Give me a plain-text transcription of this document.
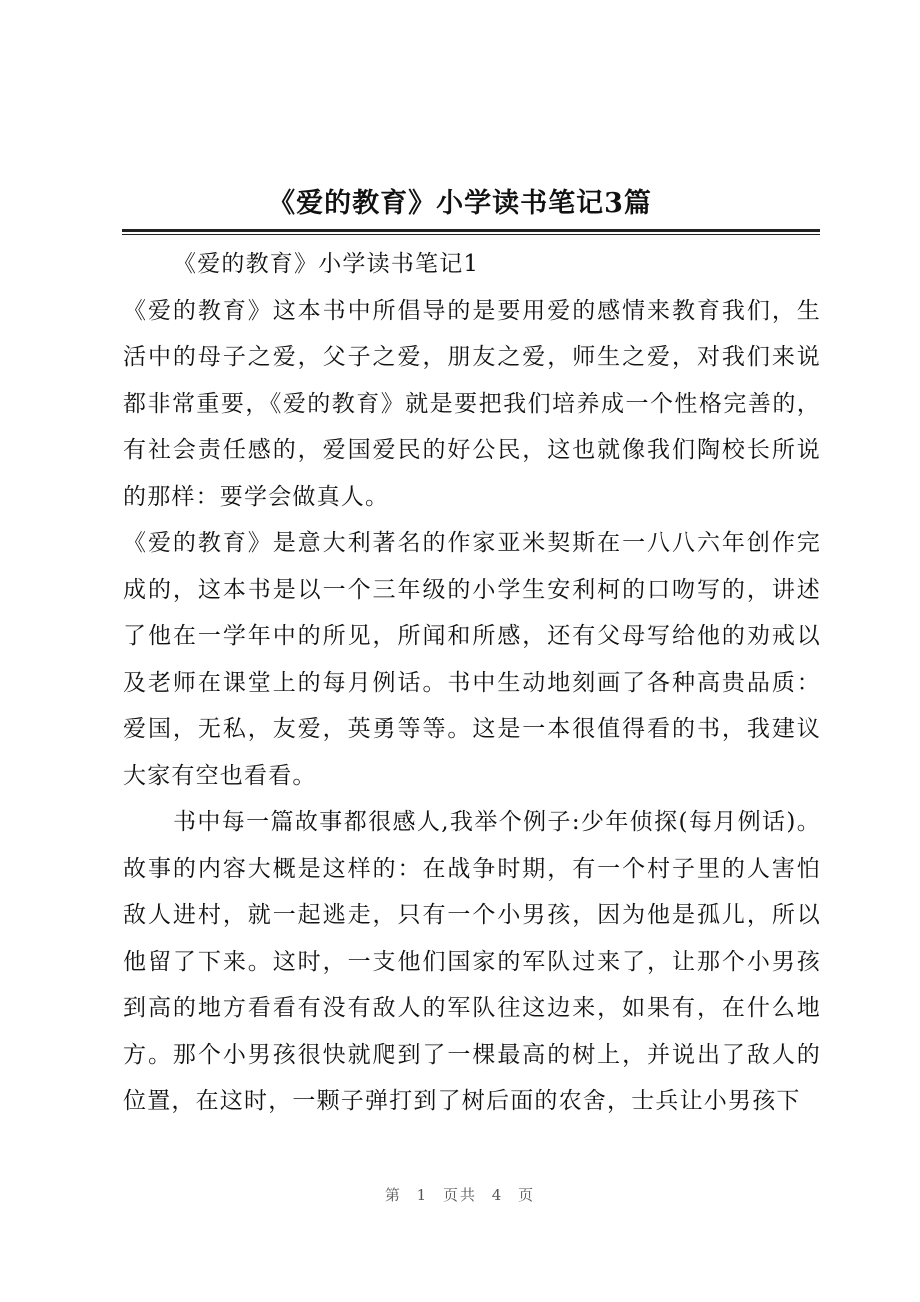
《爱的教育》小学读书笔记3篇

《爱的教育》小学读书笔记1

《爱的教育》这本书中所倡导的是要用爱的感情来教育我们，生活中的母子之爱，父子之爱，朋友之爱，师生之爱，对我们来说都非常重要，《爱的教育》就是要把我们培养成一个性格完善的，有社会责任感的，爱国爱民的好公民，这也就像我们陶校长所说的那样：要学会做真人。

《爱的教育》是意大利著名的作家亚米契斯在一八八六年创作完成的，这本书是以一个三年级的小学生安利柯的口吻写的，讲述了他在一学年中的所见，所闻和所感，还有父母写给他的劝戒以及老师在课堂上的每月例话。书中生动地刻画了各种高贵品质：爱国，无私，友爱，英勇等等。这是一本很值得看的书，我建议大家有空也看看。

书中每一篇故事都很感人,我举个例子:少年侦探(每月例话)。故事的内容大概是这样的：在战争时期，有一个村子里的人害怕敌人进村，就一起逃走，只有一个小男孩，因为他是孤儿，所以他留了下来。这时，一支他们国家的军队过来了，让那个小男孩到高的地方看看有没有敌人的军队往这边来，如果有，在什么地方。那个小男孩很快就爬到了一棵最高的树上，并说出了敌人的位置，在这时，一颗子弹打到了树后面的农舍，士兵让小男孩下

第 1 页共 4 页
